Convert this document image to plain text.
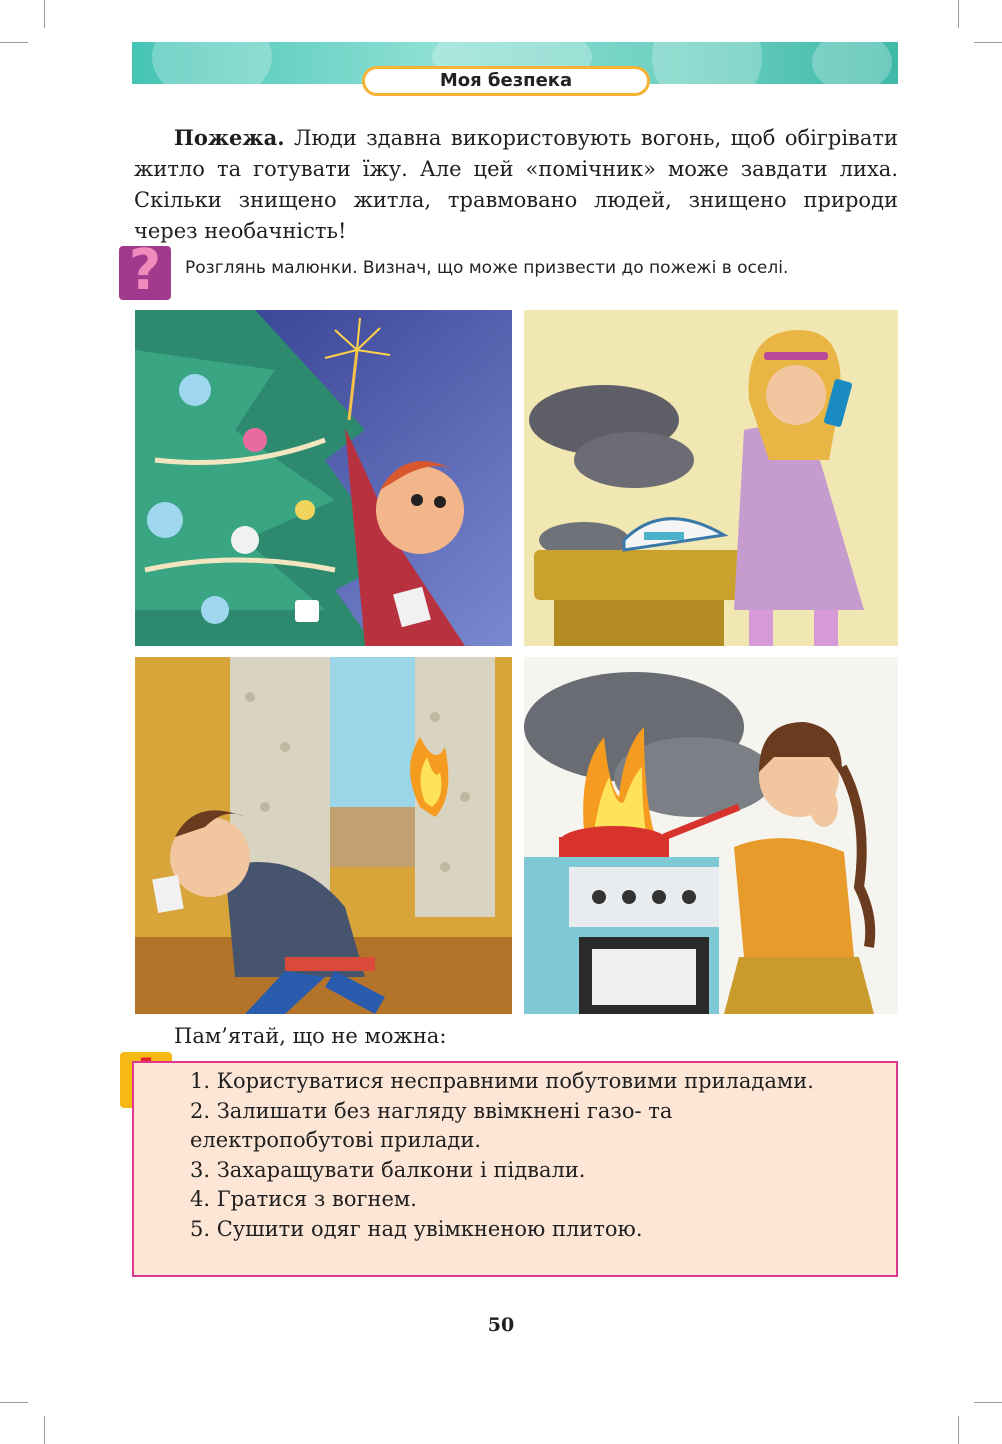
Моя безпека

Пожежа. Люди здавна використовують вогонь, щоб обігрівати житло та готувати їжу. Але цей «помічник» може завдати лиха. Скільки знищено житла, травмовано людей, знищено природи через необачність!

?	Розглянь малюнки. Визнач, що може призвести до пожежі в оселі.

Пам’ятай, що не можна:

1. Користуватися несправними побутовими приладами.
2. Залишати без нагляду ввімкнені газо- та електропобутові прилади.
3. Захаращувати балкони і підвали.
4. Гратися з вогнем.
5. Сушити одяг над увімкненою плитою.
50
